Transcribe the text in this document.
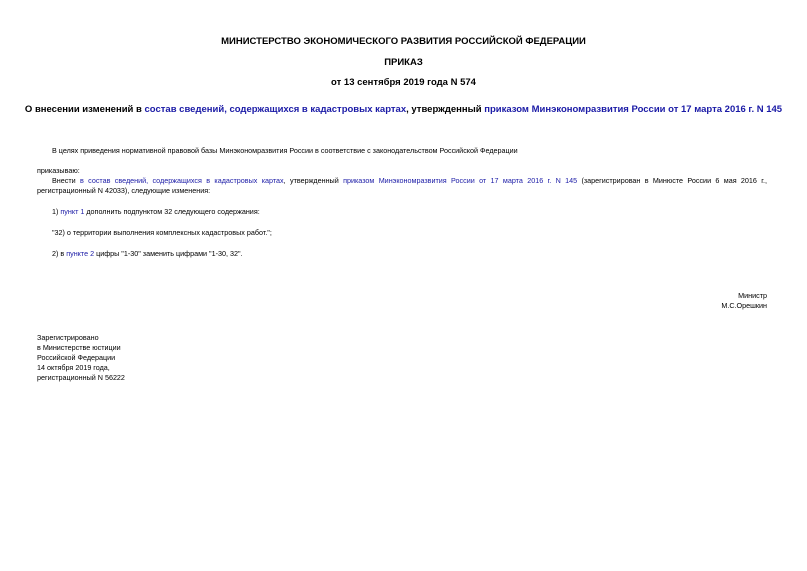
МИНИСТЕРСТВО ЭКОНОМИЧЕСКОГО РАЗВИТИЯ РОССИЙСКОЙ ФЕДЕРАЦИИ
ПРИКАЗ
от 13 сентября 2019 года N 574
О внесении изменений в состав сведений, содержащихся в кадастровых картах, утвержденный приказом Минэкономразвития России от 17 марта 2016 г. N 145
В целях приведения нормативной правовой базы Минэкономразвития России в соответствие с законодательством Российской Федерации
приказываю:
Внести в состав сведений, содержащихся в кадастровых картах, утвержденный приказом Минэкономразвития России от 17 марта 2016 г. N 145 (зарегистрирован в Минюсте России 6 мая 2016 г.,
регистрационный N 42033), следующие изменения:
1) пункт 1 дополнить подпунктом 32 следующего содержания:
"32) о территории выполнения комплексных кадастровых работ.";
2) в пункте 2 цифры "1-30" заменить цифрами "1-30, 32".
Министр
М.С.Орешкин
Зарегистрировано
в Министерстве юстиции
Российской Федерации
14 октября 2019 года,
регистрационный N 56222
